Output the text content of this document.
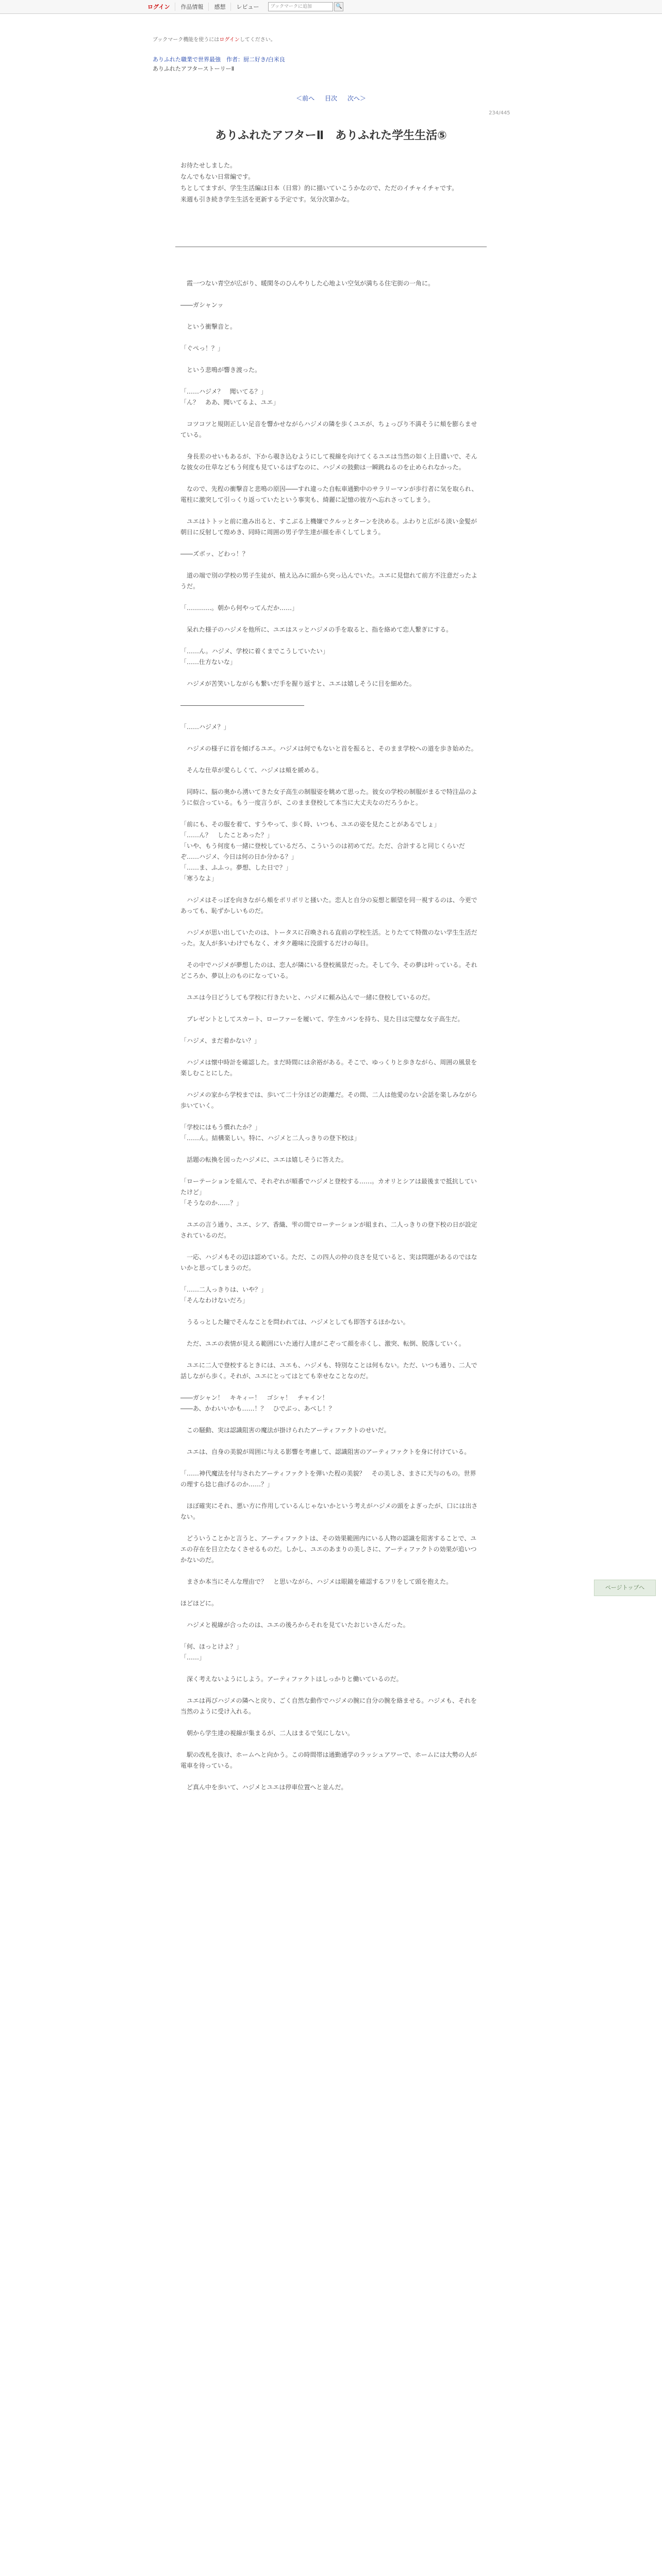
ログイン	作品情報	感想	レビュー	ブックマークに追加	🔍
ブックマーク機能を使うにはログインしてください。
ありふれた職業で世界最強　作者：厨二好き/白米良
ありふれたアフターストーリーⅡ
＜前へ 目次 次へ＞
234/445
ありふれたアフターⅡ　ありふれた学生生活⑤
お待たせしました。
なんでもない日常編です。
ちとしてますが、学生生活編は日本（日常）的に描いていこうかなので、ただのイチャイチャです。
来週も引き続き学生生活を更新する予定です。気分次第かな。

　霞一つない青空が広がり、暖閑冬のひんやりした心地よい空気が満ちる住宅街の一角に。

――ガシャンッ

　という衝撃音と。

「ぐぺっ！？」

　という悲鳴が響き渡った。

「……ハジメ？　聞いてる？」
「ん？　ああ、聞いてるよ、ユエ」

　コツコツと規則正しい足音を響かせながらハジメの隣を歩くユエが、ちょっぴり不満そうに頬を膨らませている。

　身長差のせいもあるが、下から覗き込むようにして視線を向けてくるユエは当然の如く上目遣いで、そんな彼女の仕草などもう何度も見ているはずなのに、ハジメの鼓動は一瞬跳ねるのを止められなかった。

　なので、先程の衝撃音と悲鳴の原因――すれ違った自転車通勤中のサラリーマンが歩行者に気を取られ、電柱に激突して引っくり返っていたという事実も、綺麗に記憶の彼方へ忘れさってしまう。

　ユエはトトッと前に進み出ると、すこぶる上機嫌でクルッとターンを決める。ふわりと広がる淡い金髪が朝日に反射して煌めき、同時に周囲の男子学生達が顔を赤くしてしまう。

――ズボッ、どわっ！？

　道の端で別の学校の男子生徒が、植え込みに頭から突っ込んでいた。ユエに見惚れて前方不注意だったようだ。

「…………。朝から何やってんだか……」

　呆れた様子のハジメを他所に、ユエはスッとハジメの手を取ると、指を絡めて恋人繋ぎにする。

「……ん。ハジメ、学校に着くまでこうしていたい」
「……仕方ないな」

　ハジメが苦笑いしながらも繋いだ手を握り返すと、ユエは嬉しそうに目を細めた。

――――――――――――――――――――

「……ハジメ？」

　ハジメの様子に首を傾げるユエ。ハジメは何でもないと首を振ると、そのまま学校への道を歩き始めた。

　そんな仕草が愛らしくて、ハジメは頬を緩める。

　同時に、脳の奥から湧いてきた女子高生の制服姿を眺めて思った。彼女の学校の制服がまるで特注品のように似合っている。もう一度言うが、このまま登校して本当に大丈夫なのだろうかと。

「前にも、その服を着て、すうやって、歩く時、いつも、ユエの姿を見たことがあるでしょ」
「……ん？　したことあった？」
「いや、もう何度も一緒に登校しているだろ、こういうのは初めてだ。ただ、合計すると同じくらいだぞ……ハジメ、今日は何の日か分かる？」
「……ま、ふふっ。夢想、した日で？」
「寒うなよ」

　ハジメはそっぽを向きながら頬をポリポリと掻いた。恋人と自分の妄想と願望を同一視するのは、今更であっても、恥ずかしいものだ。

　ハジメが思い出していたのは、トータスに召喚される直前の学校生活。とりたてて特徴のない学生生活だった。友人が多いわけでもなく、オタク趣味に没頭するだけの毎日。

　その中でハジメが夢想したのは、恋人が隣にいる登校風景だった。そして今、その夢は叶っている。それどころか、夢以上のものになっている。

　ユエは今日どうしても学校に行きたいと、ハジメに頼み込んで一緒に登校しているのだ。

　プレゼントとしてスカート、ローファーを履いて、学生カバンを持ち、見た目は完璧な女子高生だ。

「ハジメ、まだ着かない？」

　ハジメは懐中時計を確認した。まだ時間には余裕がある。そこで、ゆっくりと歩きながら、周囲の風景を楽しむことにした。

　ハジメの家から学校までは、歩いて二十分ほどの距離だ。その間、二人は他愛のない会話を楽しみながら歩いていく。

「学校にはもう慣れたか？」
「……ん。結構楽しい。特に、ハジメと二人っきりの登下校は」

　話題の転換を図ったハジメに、ユエは嬉しそうに答えた。

「ローテーションを組んで、それぞれが順番でハジメと登校する……。カオリとシアは最後まで抵抗していたけど」
「そうなのか……？」

　ユエの言う通り、ユエ、シア、香織、雫の間でローテーションが組まれ、二人っきりの登下校の日が設定されているのだ。

　一応、ハジメもその辺は認めている。ただ、この四人の仲の良さを見ていると、実は問題があるのではないかと思ってしまうのだ。

「……二人っきりは、いや？」
「そんなわけないだろ」

　うるっとした瞳でそんなことを問われては、ハジメとしても即答するほかない。

　ただ、ユエの表情が見える範囲にいた通行人達がこぞって顔を赤くし、激突、転倒、脱落していく。

　ユエに二人で登校するときには、ユエも、ハジメも、特別なことは何もない。ただ、いつも通り、二人で話しながら歩く。それが、ユエにとってはとても幸せなことなのだ。

――ガシャン！　キキィー！　ゴシャ！　チャイン！
――あ、かわいいかも……！？　ひでぶっ、あべし！？

　この騒動、実は認識阻害の魔法が掛けられたアーティファクトのせいだ。

　ユエは、自身の美貌が周囲に与える影響を考慮して、認識阻害のアーティファクトを身に付けている。

「……神代魔法を付与されたアーティファクトを弾いた程の美貌？　その美しさ、まさに天与のもの。世界の理すら捻じ曲げるのか……？」

　ほぼ確実にそれ、悪い方に作用しているんじゃないかという考えがハジメの頭をよぎったが、口には出さない。

　どういうことかと言うと、アーティファクトは、その効果範囲内にいる人物の認識を阻害することで、ユエの存在を目立たなくさせるものだ。しかし、ユエのあまりの美しさに、アーティファクトの効果が追いつかないのだ。

　まさか本当にそんな理由で？　と思いながら、ハジメは眼鏡を確認するフリをして頭を抱えた。

ほどほどに。

　ハジメと視線が合ったのは、ユエの後ろからそれを見ていたおじいさんだった。

「何、ほっとけよ？」
「……」

　深く考えないようにしよう。アーティファクトはしっかりと働いているのだ。

　ユエは再びハジメの隣へと戻り、ごく自然な動作でハジメの腕に自分の腕を絡ませる。ハジメも、それを当然のように受け入れる。

　朝から学生達の視線が集まるが、二人はまるで気にしない。

　駅の改札を抜け、ホームへと向かう。この時間帯は通勤通学のラッシュアワーで、ホームには大勢の人が電車を待っている。

　ど真ん中を歩いて、ハジメとユエは停車位置へと並んだ。

ページトップへ
